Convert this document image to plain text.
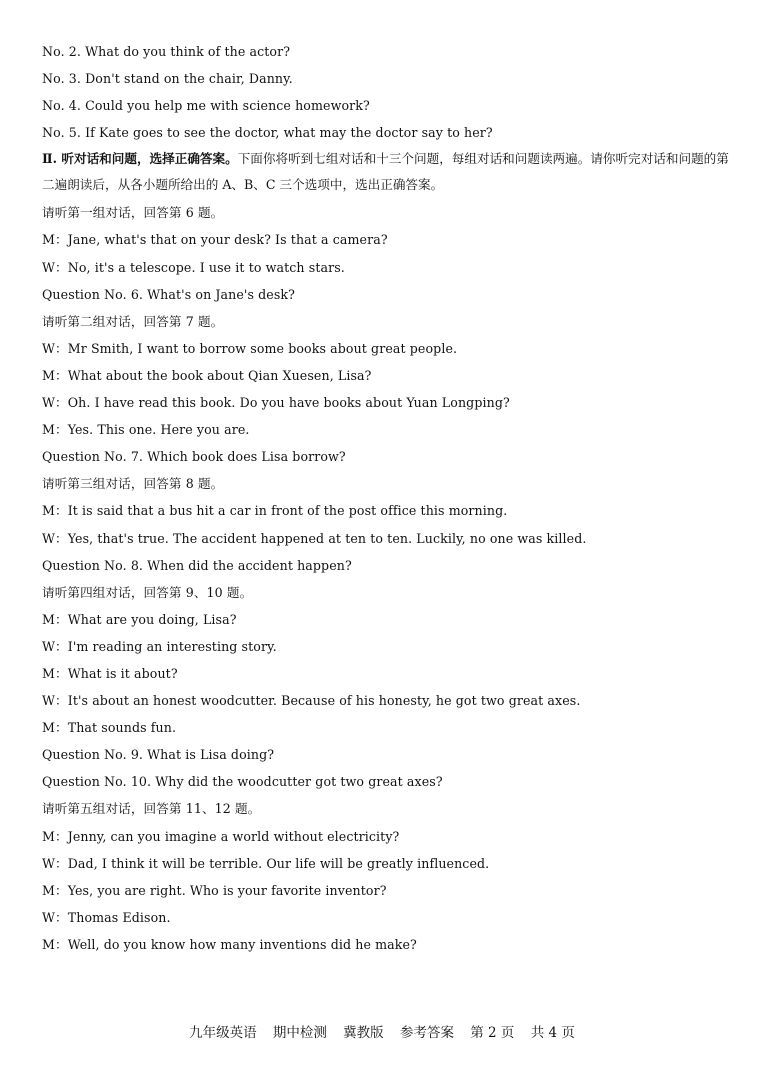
No. 2. What do you think of the actor?
No. 3. Don't stand on the chair, Danny.
No. 4. Could you help me with science homework?
No. 5. If Kate goes to see the doctor, what may the doctor say to her?
Ⅱ. 听对话和问题，选择正确答案。下面你将听到七组对话和十三个问题，每组对话和问题读两遍。请你听完对话和问题的第二遍朗读后，从各小题所给出的 A、B、C 三个选项中，选出正确答案。
请听第一组对话，回答第 6 题。
M：Jane, what's that on your desk? Is that a camera?
W：No, it's a telescope. I use it to watch stars.
Question No. 6. What's on Jane's desk?
请听第二组对话，回答第 7 题。
W：Mr Smith, I want to borrow some books about great people.
M：What about the book about Qian Xuesen, Lisa?
W：Oh. I have read this book. Do you have books about Yuan Longping?
M：Yes. This one. Here you are.
Question No. 7. Which book does Lisa borrow?
请听第三组对话，回答第 8 题。
M：It is said that a bus hit a car in front of the post office this morning.
W：Yes, that's true. The accident happened at ten to ten. Luckily, no one was killed.
Question No. 8. When did the accident happen?
请听第四组对话，回答第 9、10 题。
M：What are you doing, Lisa?
W：I'm reading an interesting story.
M：What is it about?
W：It's about an honest woodcutter. Because of his honesty, he got two great axes.
M：That sounds fun.
Question No. 9. What is Lisa doing?
Question No. 10. Why did the woodcutter got two great axes?
请听第五组对话，回答第 11、12 题。
M：Jenny, can you imagine a world without electricity?
W：Dad, I think it will be terrible. Our life will be greatly influenced.
M：Yes, you are right. Who is your favorite inventor?
W：Thomas Edison.
M：Well, do you know how many inventions did he make?
九年级英语 期中检测 冀教版 参考答案 第 2 页 共 4 页
